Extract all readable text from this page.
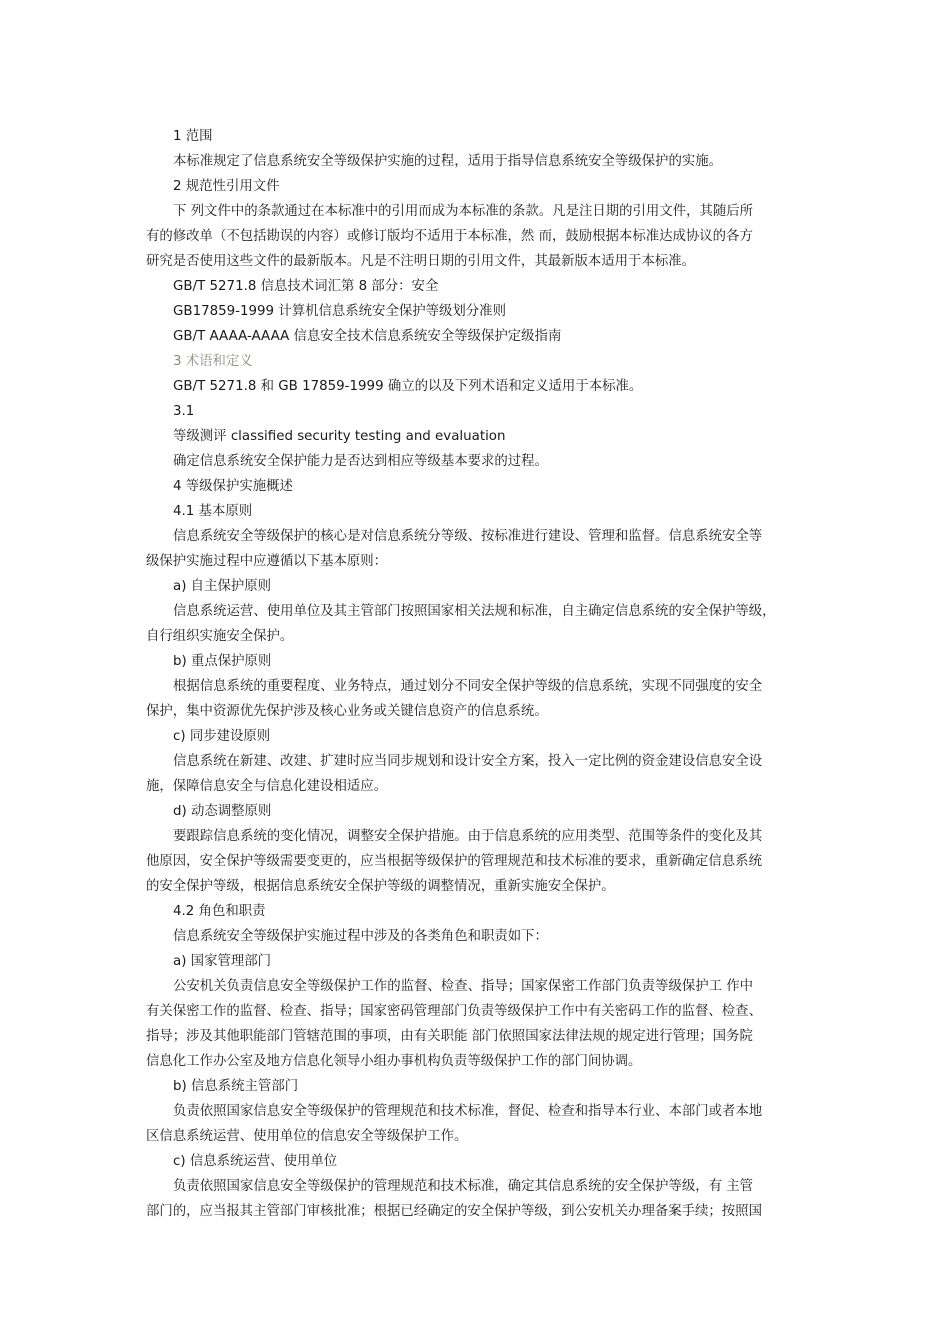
1 范围

本标准规定了信息系统安全等级保护实施的过程，适用于指导信息系统安全等级保护的实施。

2 规范性引用文件

下 列文件中的条款通过在本标准中的引用而成为本标准的条款。凡是注日期的引用文件，其随后所

有的修改单（不包括勘误的内容）或修订版均不适用于本标准，然 而，鼓励根据本标准达成协议的各方

研究是否使用这些文件的最新版本。凡是不注明日期的引用文件，其最新版本适用于本标准。

GB/T 5271.8 信息技术词汇第 8 部分：安全

GB17859-1999 计算机信息系统安全保护等级划分准则

GB/T AAAA-AAAA 信息安全技术信息系统安全等级保护定级指南

3 术语和定义

GB/T 5271.8 和 GB 17859-1999 确立的以及下列术语和定义适用于本标准。

3.1

等级测评 classified security testing and evaluation

确定信息系统安全保护能力是否达到相应等级基本要求的过程。

4 等级保护实施概述

4.1 基本原则

信息系统安全等级保护的核心是对信息系统分等级、按标准进行建设、管理和监督。信息系统安全等

级保护实施过程中应遵循以下基本原则：

a) 自主保护原则

信息系统运营、使用单位及其主管部门按照国家相关法规和标准，自主确定信息系统的安全保护等级，

自行组织实施安全保护。

b) 重点保护原则

根据信息系统的重要程度、业务特点，通过划分不同安全保护等级的信息系统，实现不同强度的安全

保护，集中资源优先保护涉及核心业务或关键信息资产的信息系统。

c) 同步建设原则

信息系统在新建、改建、扩建时应当同步规划和设计安全方案，投入一定比例的资金建设信息安全设

施，保障信息安全与信息化建设相适应。

d) 动态调整原则

要跟踪信息系统的变化情况，调整安全保护措施。由于信息系统的应用类型、范围等条件的变化及其

他原因，安全保护等级需要变更的，应当根据等级保护的管理规范和技术标准的要求，重新确定信息系统

的安全保护等级，根据信息系统安全保护等级的调整情况，重新实施安全保护。

4.2 角色和职责

信息系统安全等级保护实施过程中涉及的各类角色和职责如下：

a) 国家管理部门

公安机关负责信息安全等级保护工作的监督、检查、指导；国家保密工作部门负责等级保护工 作中

有关保密工作的监督、检查、指导；国家密码管理部门负责等级保护工作中有关密码工作的监督、检查、

指导；涉及其他职能部门管辖范围的事项，由有关职能 部门依照国家法律法规的规定进行管理；国务院

信息化工作办公室及地方信息化领导小组办事机构负责等级保护工作的部门间协调。

b) 信息系统主管部门

负责依照国家信息安全等级保护的管理规范和技术标准，督促、检查和指导本行业、本部门或者本地

区信息系统运营、使用单位的信息安全等级保护工作。

c) 信息系统运营、使用单位

负责依照国家信息安全等级保护的管理规范和技术标准，确定其信息系统的安全保护等级，有 主管

部门的，应当报其主管部门审核批准；根据已经确定的安全保护等级，到公安机关办理备案手续；按照国
